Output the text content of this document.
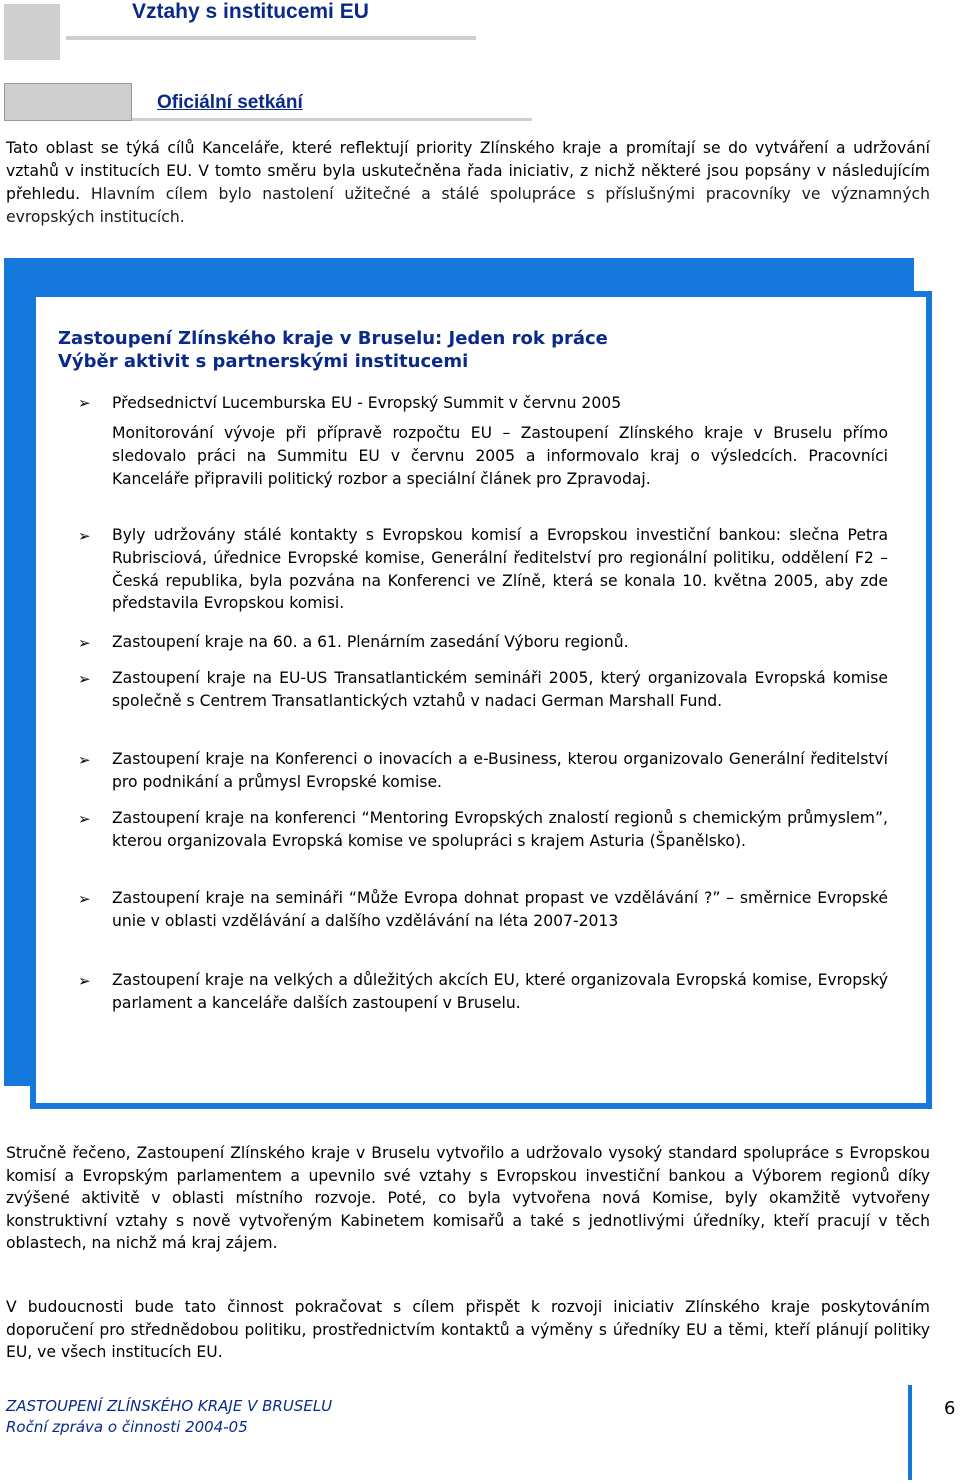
Vztahy s institucemi EU
Oficiální setkání
Tato oblast se týká cílů Kanceláře, které reflektují priority Zlínského kraje a promítají se do vytváření a udržování vztahů v institucích EU. V tomto směru byla uskutečněna řada iniciativ, z nichž některé jsou popsány v následujícím přehledu. Hlavním cílem bylo nastolení užitečné a stálé spolupráce s příslušnými pracovníky ve významných evropských institucích.
Zastoupení Zlínského kraje v Bruselu: Jeden rok práce
Výběr aktivit s partnerskými institucemi
➢ Předsednictví Lucemburska EU - Evropský Summit v červnu 2005
Monitorování vývoje při přípravě rozpočtu EU – Zastoupení Zlínského kraje v Bruselu přímo sledovalo práci na Summitu EU v červnu 2005 a informovalo kraj o výsledcích. Pracovníci Kanceláře připravili politický rozbor a speciální článek pro Zpravodaj.
➢ Byly udržovány stálé kontakty s Evropskou komisí a Evropskou investiční bankou: slečna Petra Rubrisciová, úřednice Evropské komise, Generální ředitelství pro regionální politiku, oddělení F2 – Česká republika, byla pozvána na Konferenci ve Zlíně, která se konala 10. května 2005, aby zde představila Evropskou komisi.
➢ Zastoupení kraje na 60. a 61. Plenárním zasedání Výboru regionů.
➢ Zastoupení kraje na EU-US Transatlantickém semináři 2005, který organizovala Evropská komise společně s Centrem Transatlantických vztahů v nadaci German Marshall Fund.
➢ Zastoupení kraje na Konferenci o inovacích a e-Business, kterou organizovalo Generální ředitelství pro podnikání a průmysl Evropské komise.
➢ Zastoupení kraje na konferenci “Mentoring Evropských znalostí regionů s chemickým průmyslem”, kterou organizovala Evropská komise ve spolupráci s krajem Asturia (Španělsko).
➢ Zastoupení kraje na semináři “Může Evropa dohnat propast ve vzdělávání ?” – směrnice Evropské unie v oblasti vzdělávání a dalšího vzdělávání na léta 2007-2013
➢ Zastoupení kraje na velkých a důležitých akcích EU, které organizovala Evropská komise, Evropský parlament a kanceláře dalších zastoupení v Bruselu.
Stručně řečeno, Zastoupení Zlínského kraje v Bruselu vytvořilo a udržovalo vysoký standard spolupráce s Evropskou komisí a Evropským parlamentem a upevnilo své vztahy s Evropskou investiční bankou a Výborem regionů díky zvýšené aktivitě v oblasti místního rozvoje. Poté, co byla vytvořena nová Komise, byly okamžitě vytvořeny konstruktivní vztahy s nově vytvořeným Kabinetem komisařů a také s jednotlivými úředníky, kteří pracují v těch oblastech, na nichž má kraj zájem.
V budoucnosti bude tato činnost pokračovat s cílem přispět k rozvoji iniciativ Zlínského kraje poskytováním doporučení pro střednědobou politiku, prostřednictvím kontaktů a výměny s úředníky EU a těmi, kteří plánují politiky EU, ve všech institucích EU.
ZASTOUPENÍ ZLÍNSKÉHO KRAJE V BRUSELU
Roční zpráva o činnosti 2004-05
6
